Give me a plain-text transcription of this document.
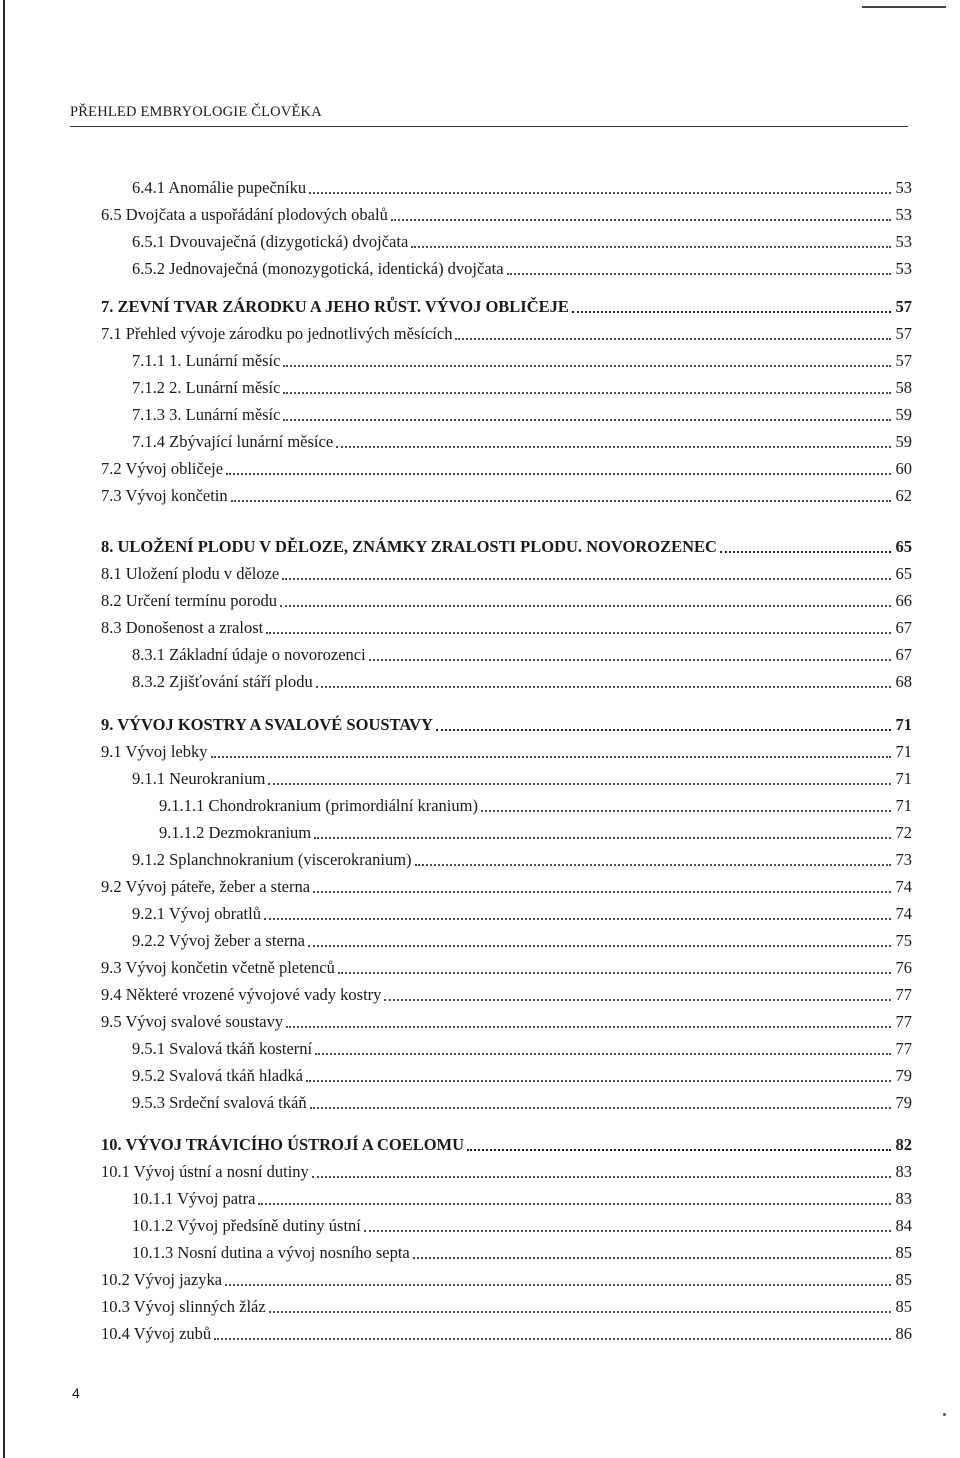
PŘEHLED EMBRYOLOGIE ČLOVĚKA
6.4.1 Anomálie pupečníku	53
6.5 Dvojčata a uspořádání plodových obalů	53
6.5.1 Dvouvaječná (dizygotická) dvojčata	53
6.5.2 Jednovaječná (monozygotická, identická) dvojčata	53
7. ZEVNÍ TVAR ZÁRODKU A JEHO RŮST. VÝVOJ OBLIČEJE	57
7.1 Přehled vývoje zárodku po jednotlivých měsících	57
7.1.1 1. Lunární měsíc	57
7.1.2 2. Lunární měsíc	58
7.1.3 3. Lunární měsíc	59
7.1.4 Zbývající lunární měsíce	59
7.2 Vývoj obličeje	60
7.3 Vývoj končetin	62
8. ULOŽENÍ PLODU V DĚLOZE, ZNÁMKY ZRALOSTI PLODU. NOVOROZENEC	65
8.1 Uložení plodu v děloze	65
8.2 Určení termínu porodu	66
8.3 Donošenost a zralost	67
8.3.1 Základní údaje o novorozenci	67
8.3.2 Zjišťování stáří plodu	68
9. VÝVOJ KOSTRY A SVALOVÉ SOUSTAVY	71
9.1 Vývoj lebky	71
9.1.1 Neurokranium	71
9.1.1.1 Chondrokranium (primordiální kranium)	71
9.1.1.2 Dezmokranium	72
9.1.2 Splanchnokranium (viscerokranium)	73
9.2 Vývoj páteře, žeber a sterna	74
9.2.1 Vývoj obratlů	74
9.2.2 Vývoj žeber a sterna	75
9.3 Vývoj končetin včetně pletenců	76
9.4 Některé vrozené vývojové vady kostry	77
9.5 Vývoj svalové soustavy	77
9.5.1 Svalová tkáň kosterní	77
9.5.2 Svalová tkáň hladká	79
9.5.3 Srdeční svalová tkáň	79
10. VÝVOJ TRÁVICÍHO ÚSTROJÍ A COELOMU	82
10.1 Vývoj ústní a nosní dutiny	83
10.1.1 Vývoj patra	83
10.1.2 Vývoj předsíně dutiny ústní	84
10.1.3 Nosní dutina a vývoj nosního septa	85
10.2 Vývoj jazyka	85
10.3 Vývoj slinných žláz	85
10.4 Vývoj zubů	86
4
